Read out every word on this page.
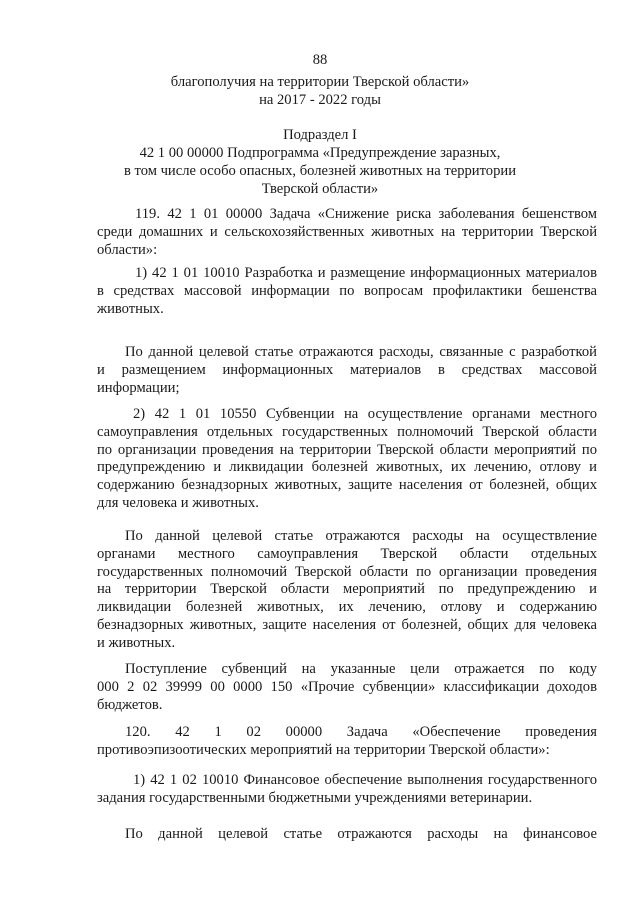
88
благополучия на территории Тверской области»
на 2017 - 2022 годы
Подраздел I
42 1 00 00000 Подпрограмма «Предупреждение заразных,
в том числе особо опасных, болезней животных на территории
Тверской области»
119. 42 1 01 00000 Задача «Снижение риска заболевания бешенством
среди домашних и сельскохозяйственных животных на территории Тверской
области»:
1) 42 1 01 10010 Разработка и размещение информационных материалов
в средствах массовой информации по вопросам профилактики бешенства
животных.
По данной целевой статье отражаются расходы, связанные с разработкой
и размещением информационных материалов в средствах массовой
информации;
2) 42 1 01 10550 Субвенции на осуществление органами местного
самоуправления отдельных государственных полномочий Тверской области
по организации проведения на территории Тверской области мероприятий по
предупреждению и ликвидации болезней животных, их лечению, отлову и
содержанию безнадзорных животных, защите населения от болезней, общих
для человека и животных.
По данной целевой статье отражаются расходы на осуществление
органами местного самоуправления Тверской области отдельных
государственных полномочий Тверской области по организации проведения
на территории Тверской области мероприятий по предупреждению и
ликвидации болезней животных, их лечению, отлову и содержанию
безнадзорных животных, защите населения от болезней, общих для человека
и животных.
Поступление субвенций на указанные цели отражается по коду
000 2 02 39999 00 0000 150 «Прочие субвенции» классификации доходов
бюджетов.
120. 42 1 02 00000 Задача «Обеспечение проведения
противоэпизоотических мероприятий на территории Тверской области»:
1) 42 1 02 10010 Финансовое обеспечение выполнения государственного
задания государственными бюджетными учреждениями ветеринарии.
По данной целевой статье отражаются расходы на финансовое
